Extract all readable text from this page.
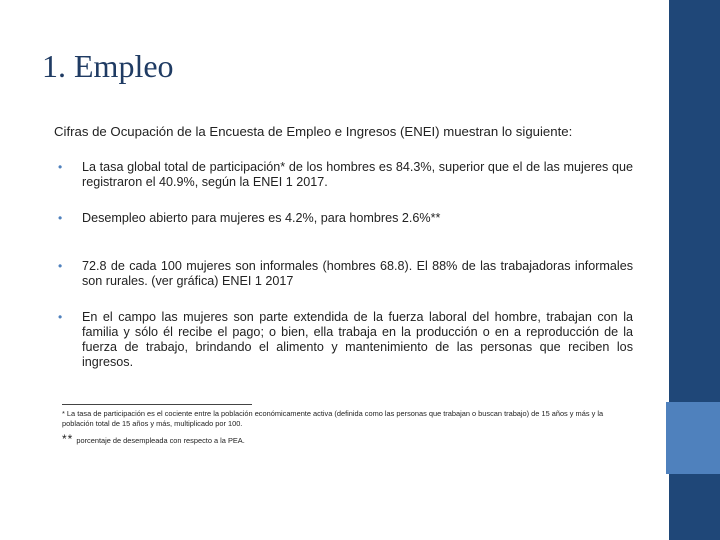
1. Empleo

Cifras de Ocupación de la Encuesta de Empleo e Ingresos (ENEI) muestran lo siguiente:

• La tasa global total de participación* de los hombres es 84.3%, superior que el de las mujeres que registraron el 40.9%, según la ENEI 1 2017.
• Desempleo abierto para mujeres es 4.2%, para hombres 2.6%**
• 72.8 de cada 100 mujeres son informales (hombres 68.8). El 88% de las trabajadoras informales son rurales. (ver gráfica) ENEI 1 2017
• En el campo las mujeres son parte extendida de la fuerza laboral del hombre, trabajan con la familia y sólo él recibe el pago; o bien, ella trabaja en la producción o en a reproducción de la fuerza de trabajo, brindando el alimento y mantenimiento de las personas que reciben los ingresos.

* La tasa de participación es el cociente entre la población económicamente activa (definida como las personas que trabajan o buscan trabajo) de 15 años y más y la población total de 15 años y más, multiplicado por 100.

** porcentaje de desempleada con respecto a la PEA.
